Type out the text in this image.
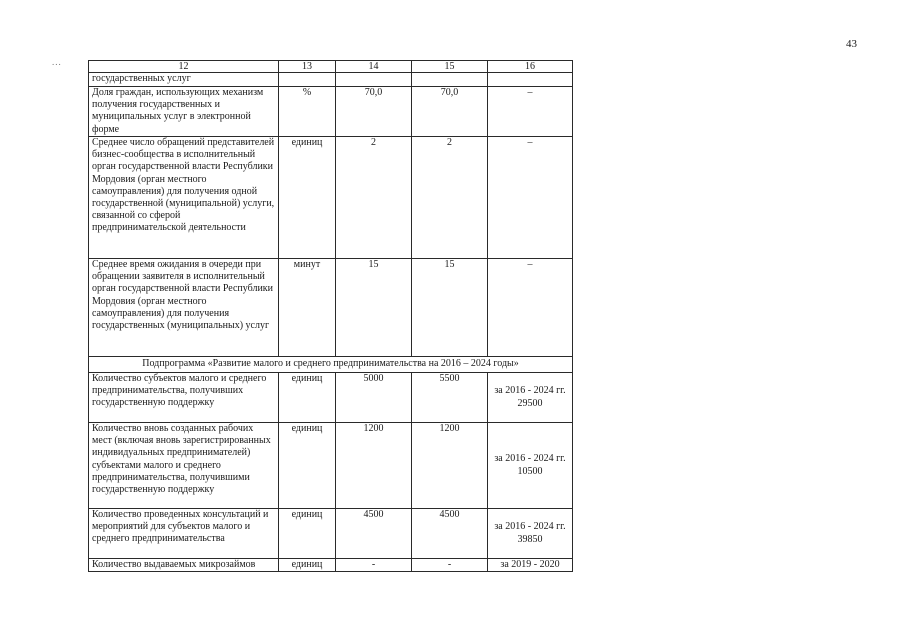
43
...	12	13	14	15	16
государственных услуг				
Доля граждан, использующих механизм получения государственных и муниципальных услуг в электронной форме	%	70,0	70,0	–
Среднее число обращений представителей бизнес-сообщества в исполнительный орган государственной власти Республики Мордовия (орган местного самоуправления) для получения одной государственной (муниципальной) услуги, связанной со сферой предпринимательской деятельности	единиц	2	2	–
Среднее время ожидания в очереди при обращении заявителя в исполнительный орган государственной власти Республики Мордовия (орган местного самоуправления) для получения государственных (муниципальных) услуг	минут	15	15	–
Подпрограмма «Развитие малого и среднего предпринимательства на 2016 – 2024 годы»				
Количество субъектов малого и среднего предпринимательства, получивших государственную поддержку	единиц	5000	5500	за 2016 - 2024 гг. 29500
Количество вновь созданных рабочих мест (включая вновь зарегистрированных индивидуальных предпринимателей) субъектами малого и среднего предпринимательства, получившими государственную поддержку	единиц	1200	1200	за 2016 - 2024 гг. 10500
Количество проведенных консультаций и мероприятий для субъектов малого и среднего предпринимательства	единиц	4500	4500	за 2016 - 2024 гг. 39850
Количество выдаваемых микрозаймов	единиц	-	-	за 2019 - 2020
